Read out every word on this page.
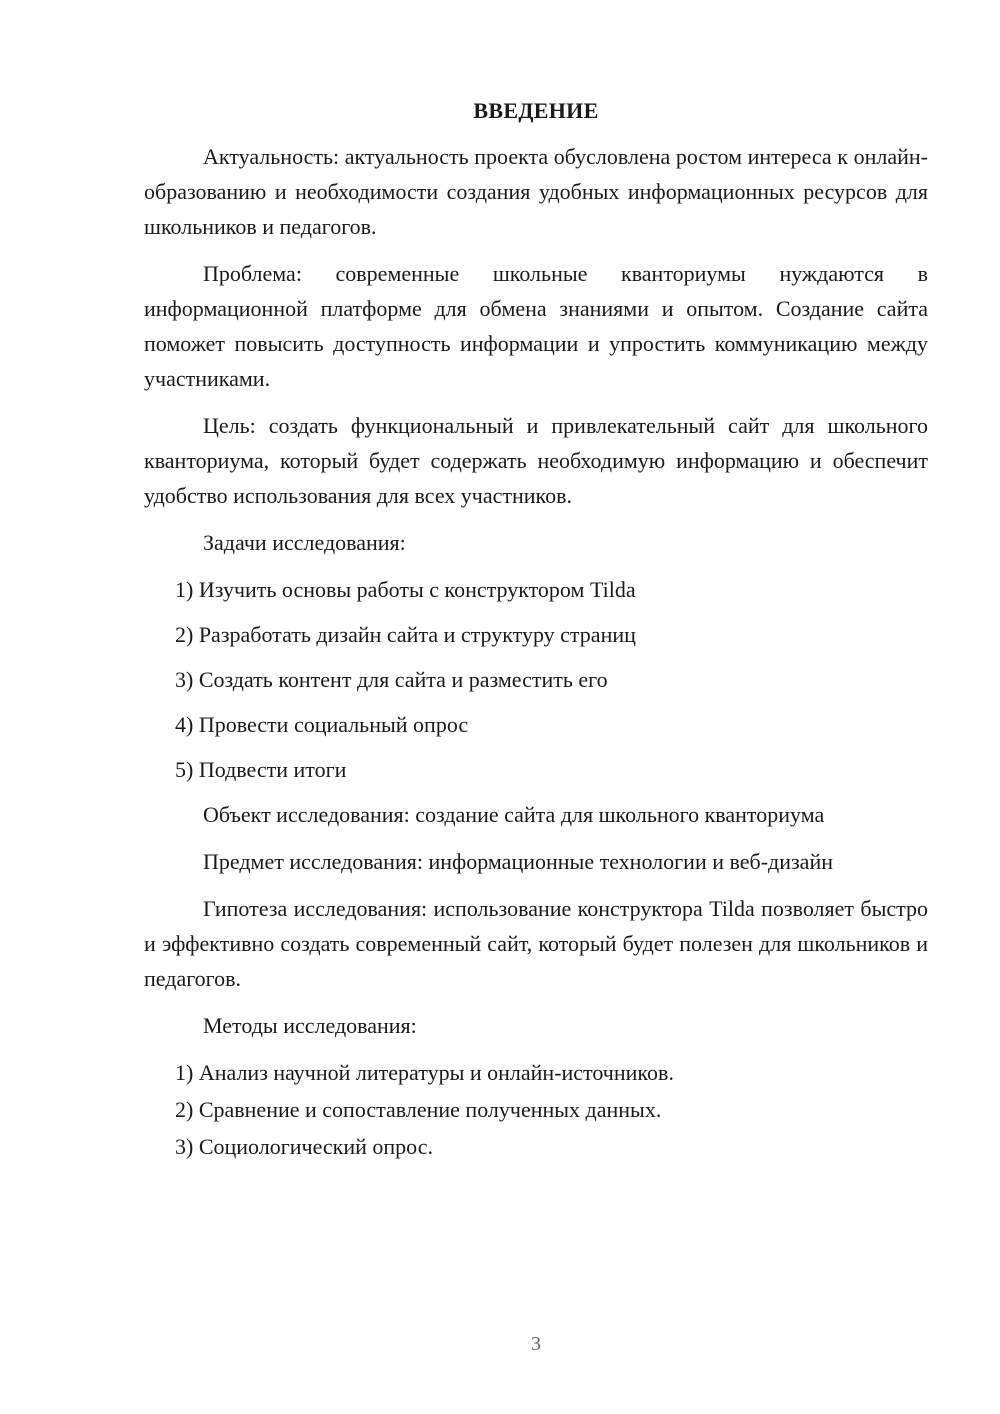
ВВЕДЕНИЕ

Актуальность: актуальность проекта обусловлена ростом интереса к онлайн-образованию и необходимости создания удобных информационных ресурсов для школьников и педагогов.

Проблема: современные школьные кванториумы нуждаются в информационной платформе для обмена знаниями и опытом. Создание сайта поможет повысить доступность информации и упростить коммуникацию между участниками.

Цель: создать функциональный и привлекательный сайт для школьного кванториума, который будет содержать необходимую информацию и обеспечит удобство использования для всех участников.

Задачи исследования:

1) Изучить основы работы с конструктором Tilda
2) Разработать дизайн сайта и структуру страниц
3) Создать контент для сайта и разместить его
4) Провести социальный опрос
5) Подвести итоги

Объект исследования: создание сайта для школьного кванториума

Предмет исследования: информационные технологии и веб-дизайн

Гипотеза исследования: использование конструктора Tilda позволяет быстро и эффективно создать современный сайт, который будет полезен для школьников и педагогов.

Методы исследования:

1) Анализ научной литературы и онлайн-источников.
2) Сравнение и сопоставление полученных данных.
3) Социологический опрос.
3
